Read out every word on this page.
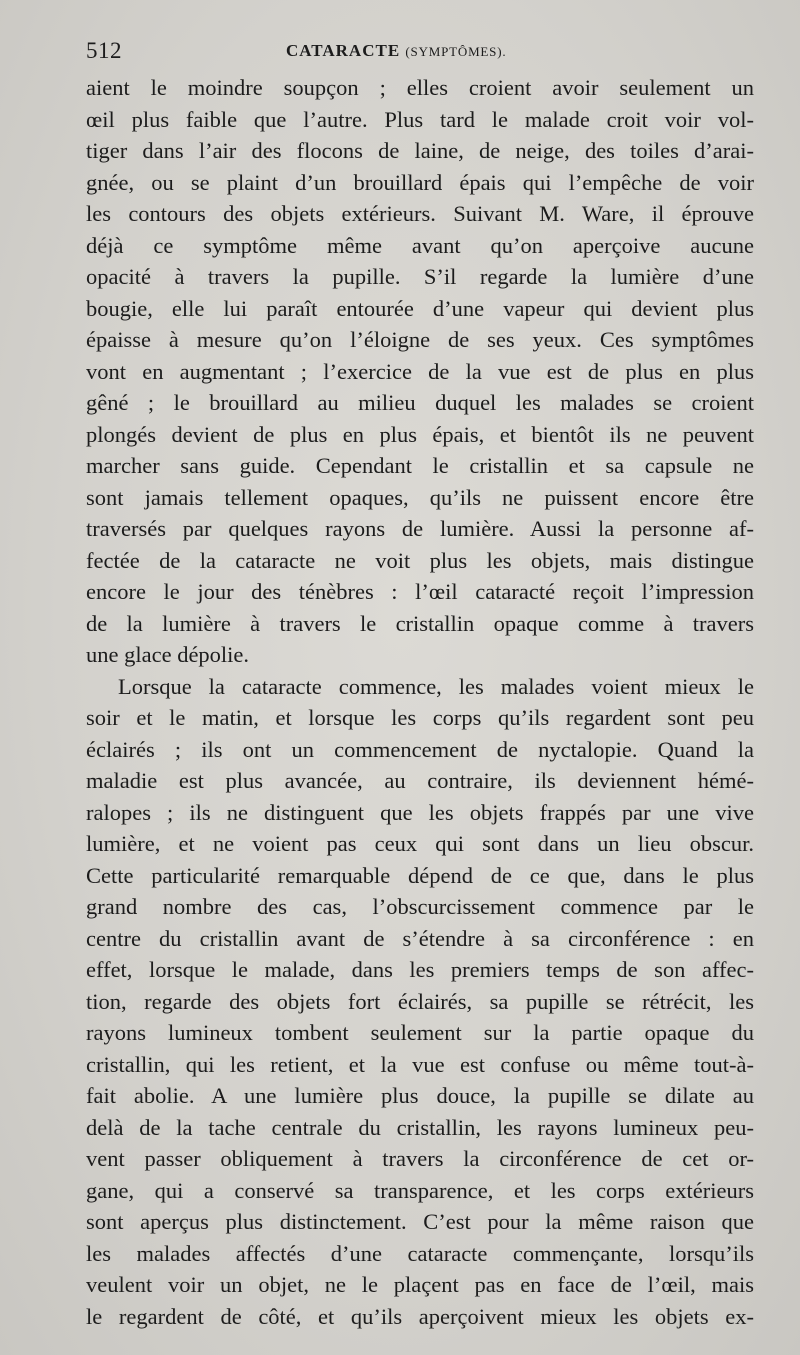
512	CATARACTE (SYMPTÔMES).
aient le moindre soupçon ; elles croient avoir seulement un
œil plus faible que l’autre. Plus tard le malade croit voir vol-
tiger dans l’air des flocons de laine, de neige, des toiles d’arai-
gnée, ou se plaint d’un brouillard épais qui l’empêche de voir
les contours des objets extérieurs. Suivant M. Ware, il éprouve
déjà ce symptôme même avant qu’on aperçoive aucune
opacité à travers la pupille. S’il regarde la lumière d’une
bougie, elle lui paraît entourée d’une vapeur qui devient plus
épaisse à mesure qu’on l’éloigne de ses yeux. Ces symptômes
vont en augmentant ; l’exercice de la vue est de plus en plus
gêné ; le brouillard au milieu duquel les malades se croient
plongés devient de plus en plus épais, et bientôt ils ne peuvent
marcher sans guide. Cependant le cristallin et sa capsule ne
sont jamais tellement opaques, qu’ils ne puissent encore être
traversés par quelques rayons de lumière. Aussi la personne af-
fectée de la cataracte ne voit plus les objets, mais distingue
encore le jour des ténèbres : l’œil cataracté reçoit l’impression
de la lumière à travers le cristallin opaque comme à travers
une glace dépolie.
Lorsque la cataracte commence, les malades voient mieux le
soir et le matin, et lorsque les corps qu’ils regardent sont peu
éclairés ; ils ont un commencement de nyctalopie. Quand la
maladie est plus avancée, au contraire, ils deviennent hémé-
ralopes ; ils ne distinguent que les objets frappés par une vive
lumière, et ne voient pas ceux qui sont dans un lieu obscur.
Cette particularité remarquable dépend de ce que, dans le plus
grand nombre des cas, l’obscurcissement commence par le
centre du cristallin avant de s’étendre à sa circonférence : en
effet, lorsque le malade, dans les premiers temps de son affec-
tion, regarde des objets fort éclairés, sa pupille se rétrécit, les
rayons lumineux tombent seulement sur la partie opaque du
cristallin, qui les retient, et la vue est confuse ou même tout-à-
fait abolie. A une lumière plus douce, la pupille se dilate au
delà de la tache centrale du cristallin, les rayons lumineux peu-
vent passer obliquement à travers la circonférence de cet or-
gane, qui a conservé sa transparence, et les corps extérieurs
sont aperçus plus distinctement. C’est pour la même raison que
les malades affectés d’une cataracte commençante, lorsqu’ils
veulent voir un objet, ne le plaçent pas en face de l’œil, mais
le regardent de côté, et qu’ils aperçoivent mieux les objets ex-
